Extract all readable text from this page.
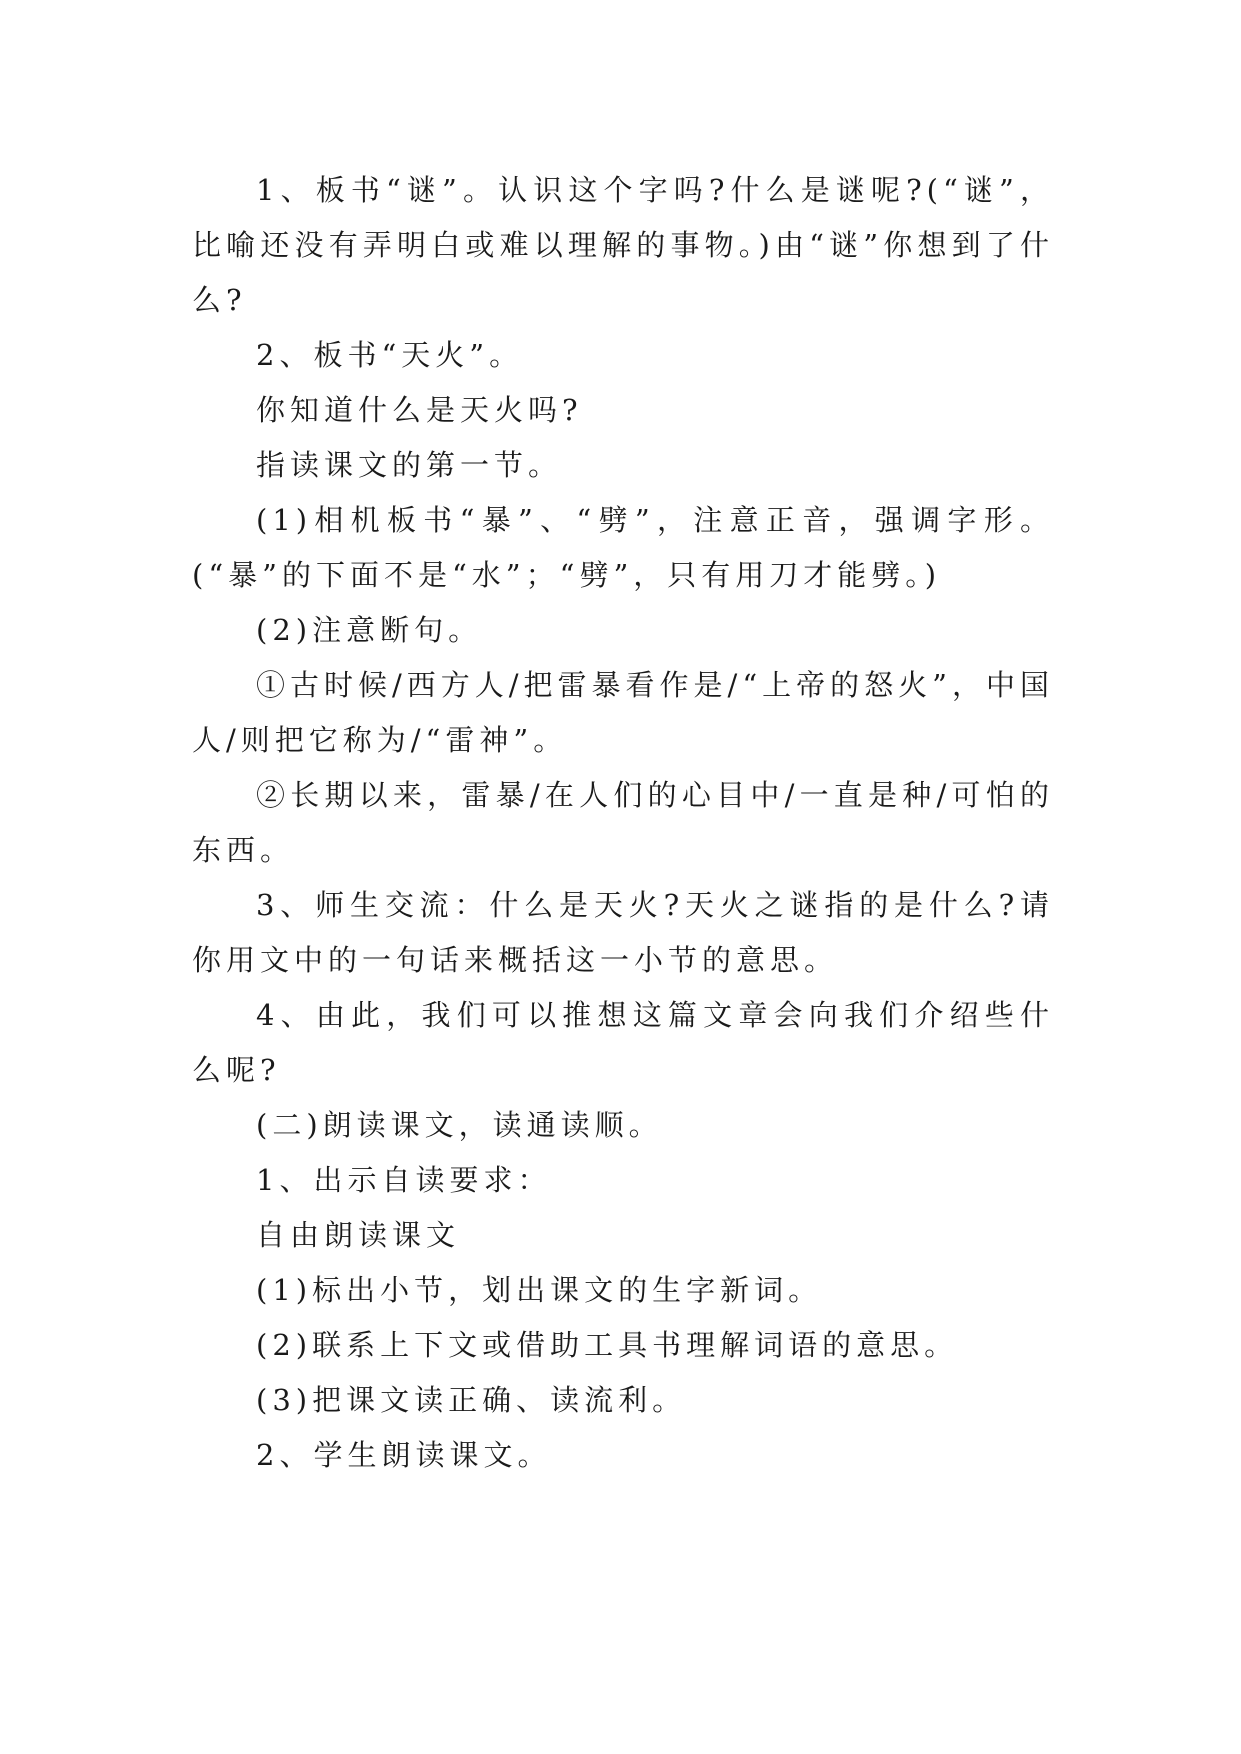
1、板书“谜”。认识这个字吗?什么是谜呢?(“谜”，比喻还没有弄明白或难以理解的事物。)由“谜”你想到了什么?

2、板书“天火”。

你知道什么是天火吗?

指读课文的第一节。

(1)相机板书“暴”、“劈”，注意正音，强调字形。(“暴”的下面不是“水”；“劈”，只有用刀才能劈。)

(2)注意断句。

①古时候/西方人/把雷暴看作是/“上帝的怒火”，中国人/则把它称为/“雷神”。

②长期以来，雷暴/在人们的心目中/一直是种/可怕的东西。

3、师生交流：什么是天火?天火之谜指的是什么?请你用文中的一句话来概括这一小节的意思。

4、由此，我们可以推想这篇文章会向我们介绍些什么呢?

(二)朗读课文，读通读顺。

1、出示自读要求：

自由朗读课文

(1)标出小节，划出课文的生字新词。

(2)联系上下文或借助工具书理解词语的意思。

(3)把课文读正确、读流利。

2、学生朗读课文。
